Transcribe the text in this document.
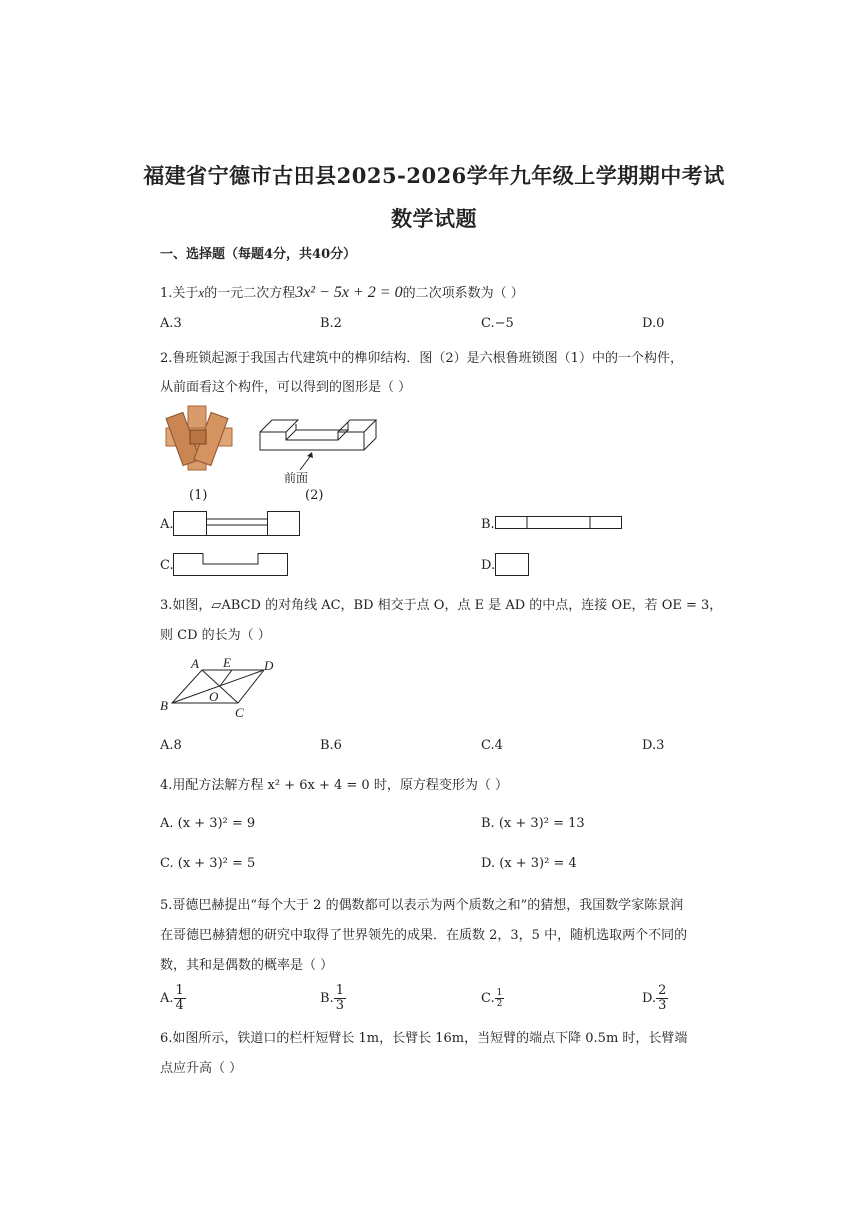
福建省宁德市古田县2025-2026学年九年级上学期期中考试
数学试题
一、选择题（每题4分，共40分）
1.关于x的一元二次方程3x² − 5x + 2 = 0的二次项系数为（ ）
A.3	B.2	C.−5	D.0
2.鲁班锁起源于我国古代建筑中的榫卯结构．图（2）是六根鲁班锁图（1）中的一个构件，
从前面看这个构件，可以得到的图形是（ ）
(1)
前面
(2)
A.	B.
C.	D.
3.如图，▱ABCD 的对角线 AC，BD 相交于点 O，点 E 是 AD 的中点，连接 OE，若 OE = 3，
则 CD 的长为（ ）
A E	D
B
O
C
A.8	B.6	C.4	D.3
4.用配方法解方程 x² + 6x + 4 = 0 时，原方程变形为（ ）
A. (x + 3)² = 9	B. (x + 3)² = 13
C. (x + 3)² = 5	D. (x + 3)² = 4
5.哥德巴赫提出“每个大于 2 的偶数都可以表示为两个质数之和”的猜想，我国数学家陈景润
在哥德巴赫猜想的研究中取得了世界领先的成果．在质数 2，3，5 中，随机选取两个不同的
数，其和是偶数的概率是（ ）
A. $\frac{1}{4}$	B. $\frac{1}{3}$	C. $\frac{1}{2}$	D. $\frac{2}{3}$
6.如图所示，铁道口的栏杆短臂长 1m，长臂长 16m，当短臂的端点下降 0.5m 时，长臂端
点应升高（ ）
